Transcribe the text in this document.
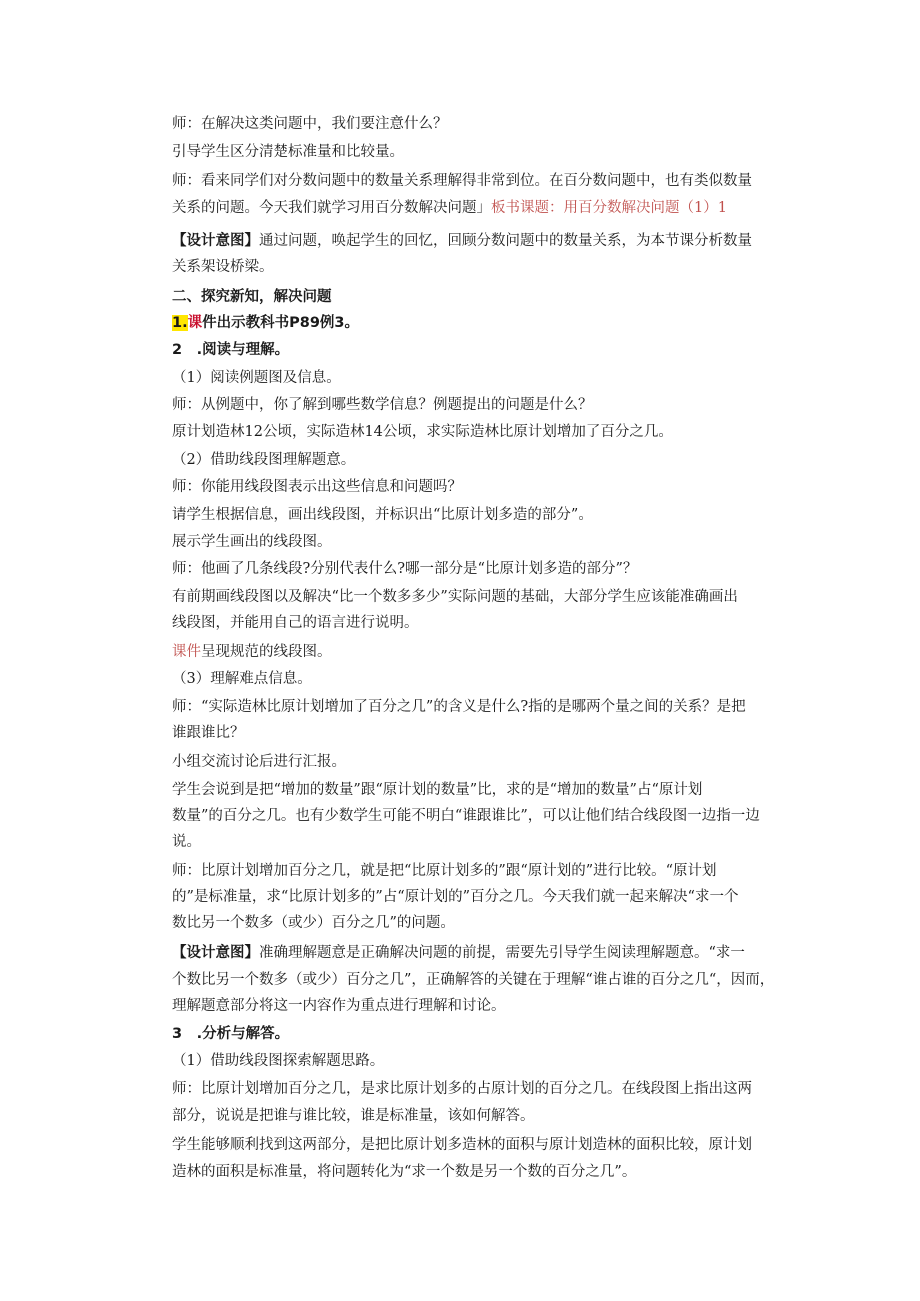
师：在解决这类问题中，我们要注意什么？
引导学生区分清楚标准量和比较量。
师：看来同学们对分数问题中的数量关系理解得非常到位。在百分数问题中，也有类似数量
关系的问题。今天我们就学习用百分数解决问题」板书课题：用百分数解决问题（1）1
【设计意图】通过问题，唤起学生的回忆，回顾分数问题中的数量关系，为本节课分析数量
关系架设桥梁。
二、探究新知，解决问题
1.课件出示教科书P89例3。
2　.阅读与理解。
（1）阅读例题图及信息。
师：从例题中，你了解到哪些数学信息？例题提出的问题是什么？
原计划造林12公顷，实际造林14公顷，求实际造林比原计划增加了百分之几。
（2）借助线段图理解题意。
师：你能用线段图表示出这些信息和问题吗？
请学生根据信息，画出线段图，并标识出“比原计划多造的部分”。
展示学生画出的线段图。
师：他画了几条线段?分别代表什么?哪一部分是“比原计划多造的部分”？
有前期画线段图以及解决“比一个数多多少”实际问题的基础，大部分学生应该能准确画出
线段图，并能用自己的语言进行说明。
课件呈现规范的线段图。
（3）理解难点信息。
师：“实际造林比原计划增加了百分之几”的含义是什么?指的是哪两个量之间的关系？是把
谁跟谁比？
小组交流讨论后进行汇报。
学生会说到是把“增加的数量”跟“原计划的数量”比，求的是“增加的数量”占“原计划
数量”的百分之几。也有少数学生可能不明白“谁跟谁比”，可以让他们结合线段图一边指一边
说。
师：比原计划增加百分之几，就是把“比原计划多的”跟“原计划的”进行比较。“原计划
的”是标准量，求“比原计划多的”占“原计划的”百分之几。今天我们就一起来解决“求一个
数比另一个数多（或少）百分之几”的问题。
【设计意图】准确理解题意是正确解决问题的前提，需要先引导学生阅读理解题意。“求一
个数比另一个数多（或少）百分之几”，正确解答的关键在于理解“谁占谁的百分之几“，因而，
理解题意部分将这一内容作为重点进行理解和讨论。
3　.分析与解答。
（1）借助线段图探索解题思路。
师：比原计划增加百分之几，是求比原计划多的占原计划的百分之几。在线段图上指出这两
部分，说说是把谁与谁比较，谁是标准量，该如何解答。
学生能够顺利找到这两部分，是把比原计划多造林的面积与原计划造林的面积比较，原计划
造林的面积是标准量，将问题转化为“求一个数是另一个数的百分之几”。
